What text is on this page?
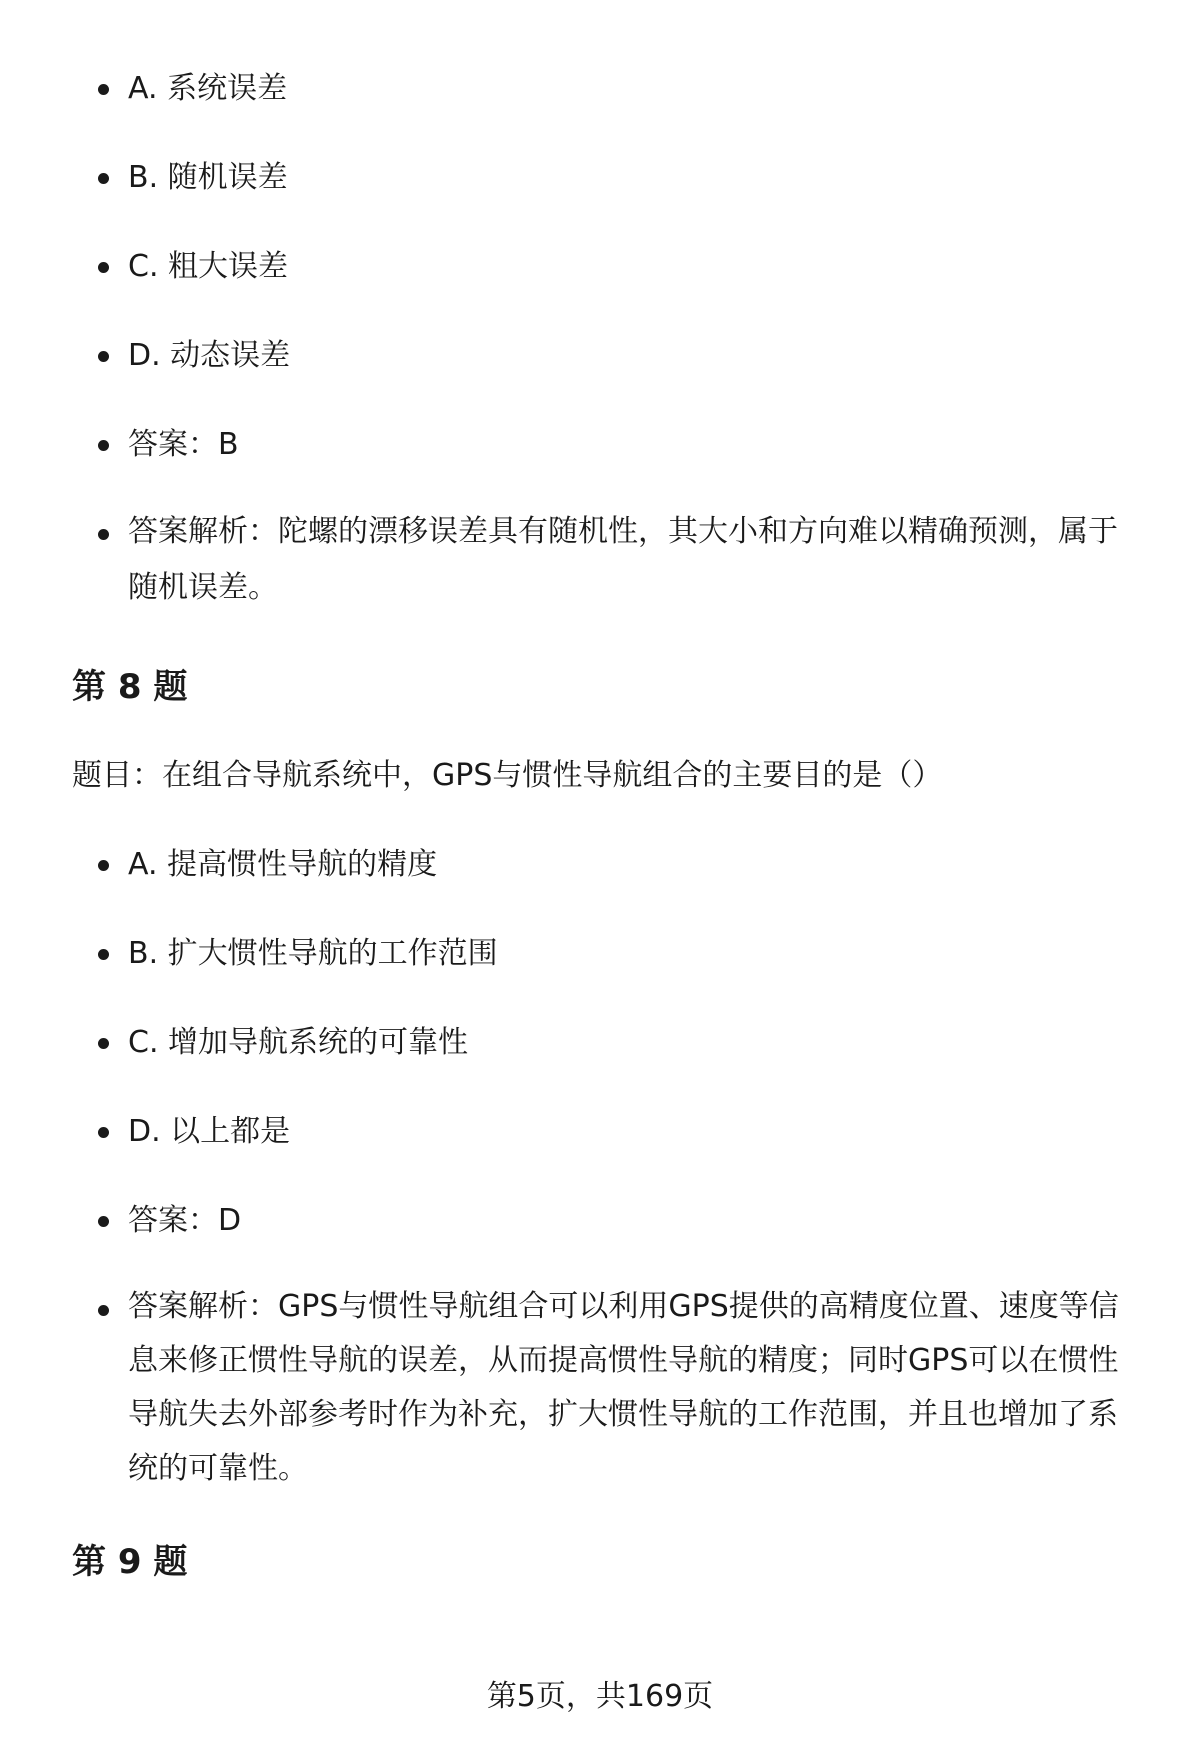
A. 系统误差
B. 随机误差
C. 粗大误差
D. 动态误差
答案：B
答案解析：陀螺的漂移误差具有随机性，其大小和方向难以精确预测，属于随机误差。
第 8 题

题目：在组合导航系统中，GPS与惯性导航组合的主要目的是（）

A. 提高惯性导航的精度
B. 扩大惯性导航的工作范围
C. 增加导航系统的可靠性
D. 以上都是
答案：D
答案解析：GPS与惯性导航组合可以利用GPS提供的高精度位置、速度等信息来修正惯性导航的误差，从而提高惯性导航的精度；同时GPS可以在惯性导航失去外部参考时作为补充，扩大惯性导航的工作范围，并且也增加了系统的可靠性。
第 9 题
第5页，共169页
